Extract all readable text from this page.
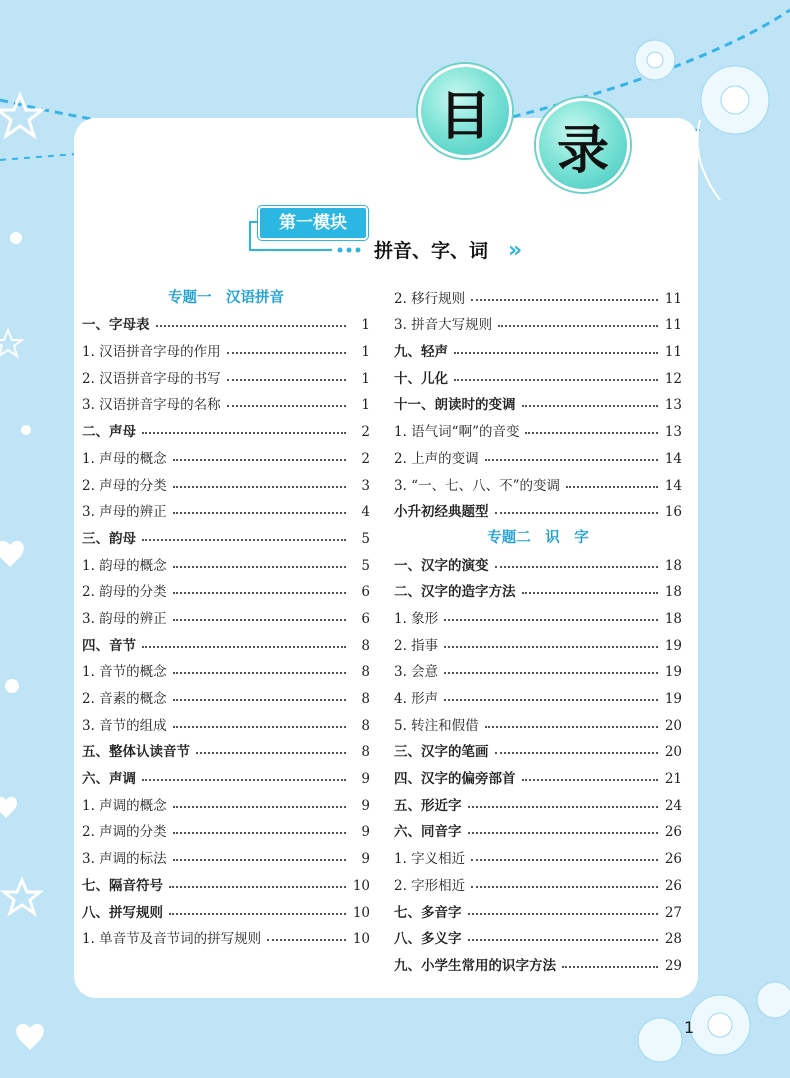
目
录
第一模块
拼音、字、词 »
专题一　汉语拼音
一、字母表	1
1. 汉语拼音字母的作用	1
2. 汉语拼音字母的书写	1
3. 汉语拼音字母的名称	1
二、声母	2
1. 声母的概念	2
2. 声母的分类	3
3. 声母的辨正	4
三、韵母	5
1. 韵母的概念	5
2. 韵母的分类	6
3. 韵母的辨正	6
四、音节	8
1. 音节的概念	8
2. 音素的概念	8
3. 音节的组成	8
五、整体认读音节	8
六、声调	9
1. 声调的概念	9
2. 声调的分类	9
3. 声调的标法	9
七、隔音符号	10
八、拼写规则	10
1. 单音节及音节词的拼写规则	10
2. 移行规则	11
3. 拼音大写规则	11
九、轻声	11
十、儿化	12
十一、朗读时的变调	13
1. 语气词“啊”的音变	13
2. 上声的变调	14
3. “一、七、八、不”的变调	14
小升初经典题型	16
专题二　识　字
一、汉字的演变	18
二、汉字的造字方法	18
1. 象形	18
2. 指事	19
3. 会意	19
4. 形声	19
5. 转注和假借	20
三、汉字的笔画	20
四、汉字的偏旁部首	21
五、形近字	24
六、同音字	26
1. 字义相近	26
2. 字形相近	26
七、多音字	27
八、多义字	28
九、小学生常用的识字方法	29
1
